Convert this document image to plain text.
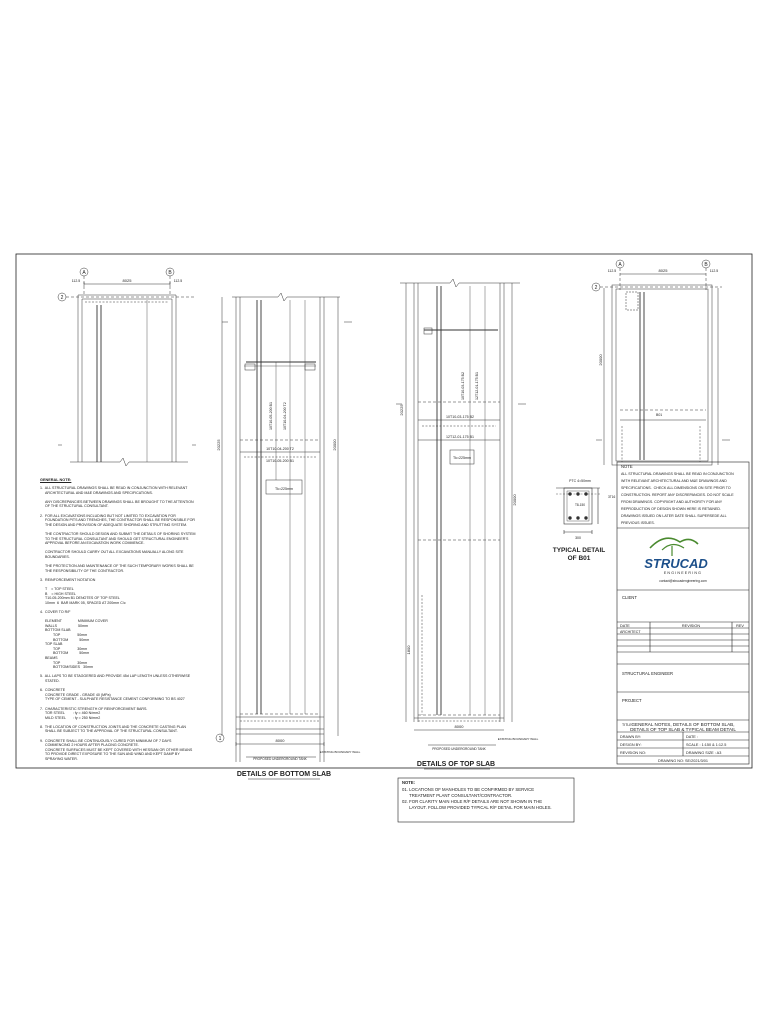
A	B
2
8025
112.5	112.5
20225	20000
10T10-05-200 B1	10T10-04-200 T2
10T10-04-200 T2
10T10-05-200 B1
Tk=225mm
8000
PROPOSED UNDERGROUND TANK
EXISTING BOUNDARY WALL
1
DETAILS OF BOTTOM SLAB
20225
1800
20000
10T10-03-175 B2	12T12-01-175 B1
10T10-03-175 B2
12T12-01-175 B1
Tk=225mm
8000
PROPOSED UNDERGROUND TANK
EXISTING BOUNDARY WALL
DETAILS OF TOP SLAB
PTC 4=50mm
3T16
T8-150
300
TYPICAL DETAIL
OF B01
A	B
2
8025
112.5	112.5
20000
B01
STRUCAD
ENGINEERING
contact@strucadengineering.com
CLIENT
DATE	REVISION	REV
ARCHITECT
STRUCTURAL ENGINEER
PROJECT
TITLE GENERAL NOTES, DETAILS OF BOTTOM SLAB,
DETAILS OF TOP SLAB & TYPICAL BEAM DETAIL
DRAWN BY:	DATE :
DESIGN BY:	SCALE : 1:150 & 1:12.5
REVISION NO:	DRAWING SIZE : A3
DRAWING NO: SE/2021/3/01
GENERAL NOTE:
1.  ALL STRUCTURAL DRAWINGS SHALL BE READ IN CONJUNCTION WITH RELEVANT
ARCHITECTURAL AND M&E DRAWINGS AND SPECIFICATIONS.

ANY DISCREPANCIES BETWEEN DRAWINGS SHALL BE BROUGHT TO THE ATTENTION
OF THE STRUCTURAL CONSULTANT.

2.  FOR ALL EXCAVATIONS INCLUDING BUT NOT LIMITED TO EXCAVATION FOR
FOUNDATION PITS AND TRENCHES, THE CONTRACTOR SHALL BE RESPONSIBLE FOR
THE DESIGN AND PROVISION OF ADEQUATE SHORING AND STRUTTING SYSTEM.

THE CONTRACTOR SHOULD DESIGN AND SUBMIT THE DETAILS OF SHORING SYSTEM
TO THE STRUCTURAL CONSULTANT AND SHOULD GET STRUCTURAL ENGINEER'S
APPROVAL BEFORE AN EXCAVATION WORK COMMENCE.

CONTRACTOR SHOULD CARRY OUT ALL EXCAVATIONS MANUALLY ALONG SITE
BOUNDARIES.

THE PROTECTION AND MAINTENANCE OF THE SUCH TEMPORARY WORKS SHALL BE
THE RESPONSIBILITY OF THE CONTRACTOR.

3.  REINFORCEMENT NOTATION

T    = TOP STEEL
B    = HIGH STEEL
T10-05-200mm B1 DENOTES OF TOP STEEL
10mm  6  BAR MARK 05, SPACED AT 200mm C/c

4.  COVER TO R/F

ELEMENT                MINIMUM COVER
WALLS                     50mm
BOTTOM SLAB
TOP                 50mm
BOTTOM           50mm
TOP SLAB
TOP                 30mm
BOTTOM           50mm
BEAMS
TOP                 30mm
BOTTOM/SIDES   30mm

5.  ALL LAPS TO BE STAGGERED AND PROVIDE 45d LAP LENGTH UNLESS OTHERWISE
STATED.

6.  CONCRETE
CONCRETE GRADE - GRADE 40 (MPa)
TYPE OF CEMENT - SULPHATE RESISTANCE CEMENT CONFORMING TO BS 4027

7.  CHARACTERISTIC STRENGTH OF REINFORCEMENT BARS.
TOR STEEL        : fy = 460 N/mm2
MILD STEEL       : fy = 250 N/mm2

8.  THE LOCATION OF CONSTRUCTION JOINTS AND THE CONCRETE CASTING PLAN
SHALL BE SUBJECT TO THE APPROVAL OF THE STRUCTURAL CONSULTANT.

9.  CONCRETE SHALL BE CONTINUOUSLY CURED FOR MINIMUM OF 7 DAYS
COMMENCING 2 HOURS AFTER PLACING CONCRETE.
CONCRETE SURFACES MUST BE KEPT COVERED WITH HESSIAN OR OTHER MEANS
TO PROVIDE DIRECT EXPOSURE TO THE SUN AND WIND AND KEPT DAMP BY
SPRAYING WATER.
NOTE:
01. LOCATIONS OF MANHOLES TO BE CONFIRMED BY SERVICE
TREATMENT PLANT CONSULTANT/CONTRACTOR.
02. FOR CLARITY MAIN HOLE R/F DETAILS ARE NOT SHOWN IN THE
LAYOUT. FOLLOW PROVIDED TYPICAL R/F DETAIL FOR MAIN HOLES.
NOTE
ALL STRUCTURAL DRAWINGS SHALL BE READ IN CONJUNCTION
WITH RELEVANT ARCHITECTURAL AND M&E DRAWINGS AND
SPECIFICATIONS.  CHECK ALL DIMENSIONS ON SITE PRIOR TO
CONSTRUCTION. REPORT ANY DISCREPANCIES. DO NOT SCALE
FROM DRAWINGS. COPYRIGHT AND AUTHORITY FOR ANY
REPRODUCTION OF DESIGN SHOWN HERE IS RETAINED.
DRAWINGS ISSUED ON LATER DATE SHALL SUPERSEDE ALL
PREVIOUS ISSUES.
